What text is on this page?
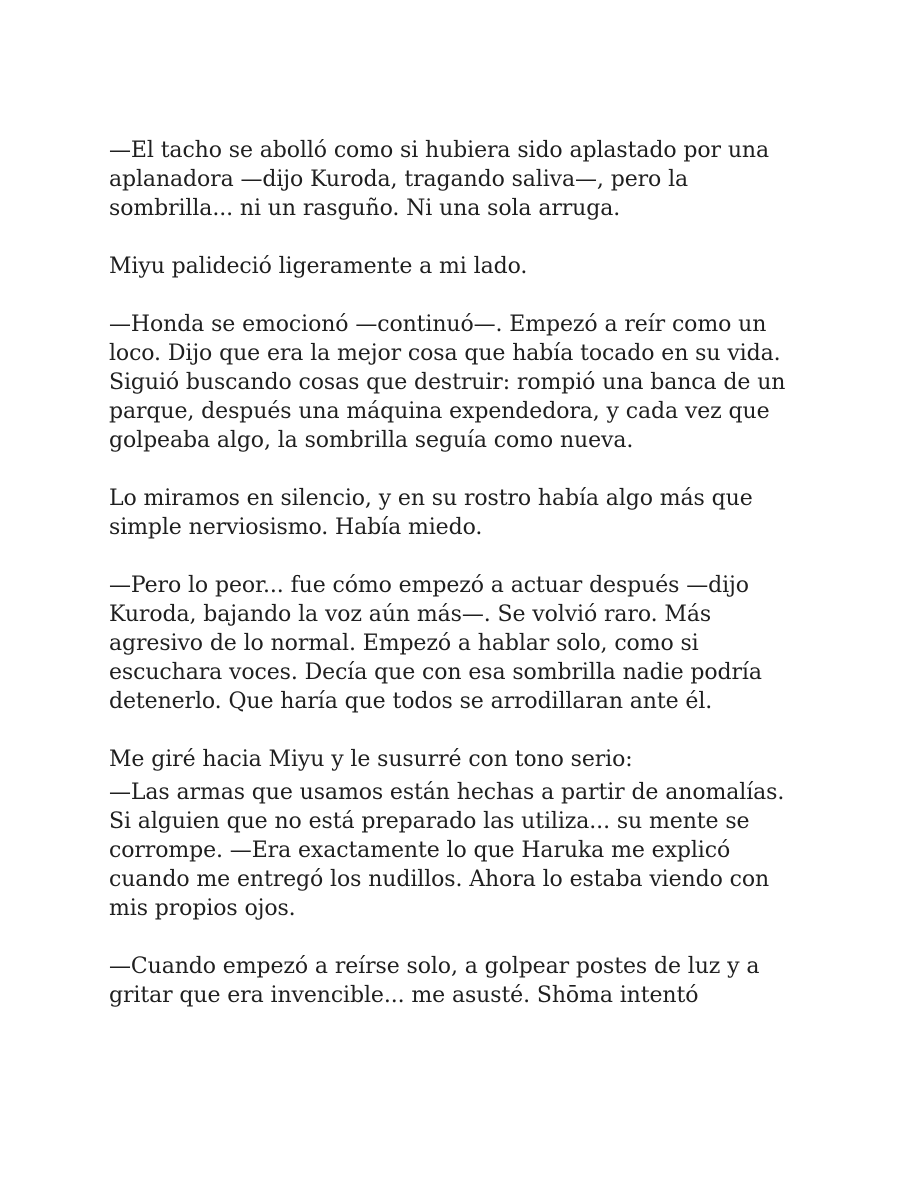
—El tacho se abolló como si hubiera sido aplastado por una
aplanadora —dijo Kuroda, tragando saliva—, pero la
sombrilla... ni un rasguño. Ni una sola arruga.

Miyu palideció ligeramente a mi lado.

—Honda se emocionó —continuó—. Empezó a reír como un
loco. Dijo que era la mejor cosa que había tocado en su vida.
Siguió buscando cosas que destruir: rompió una banca de un
parque, después una máquina expendedora, y cada vez que
golpeaba algo, la sombrilla seguía como nueva.

Lo miramos en silencio, y en su rostro había algo más que
simple nerviosismo. Había miedo.

—Pero lo peor... fue cómo empezó a actuar después —dijo
Kuroda, bajando la voz aún más—. Se volvió raro. Más
agresivo de lo normal. Empezó a hablar solo, como si
escuchara voces. Decía que con esa sombrilla nadie podría
detenerlo. Que haría que todos se arrodillaran ante él.

Me giré hacia Miyu y le susurré con tono serio:

—Las armas que usamos están hechas a partir de anomalías.
Si alguien que no está preparado las utiliza... su mente se
corrompe. —Era exactamente lo que Haruka me explicó
cuando me entregó los nudillos. Ahora lo estaba viendo con
mis propios ojos.

—Cuando empezó a reírse solo, a golpear postes de luz y a
gritar que era invencible... me asusté. Shōma intentó
